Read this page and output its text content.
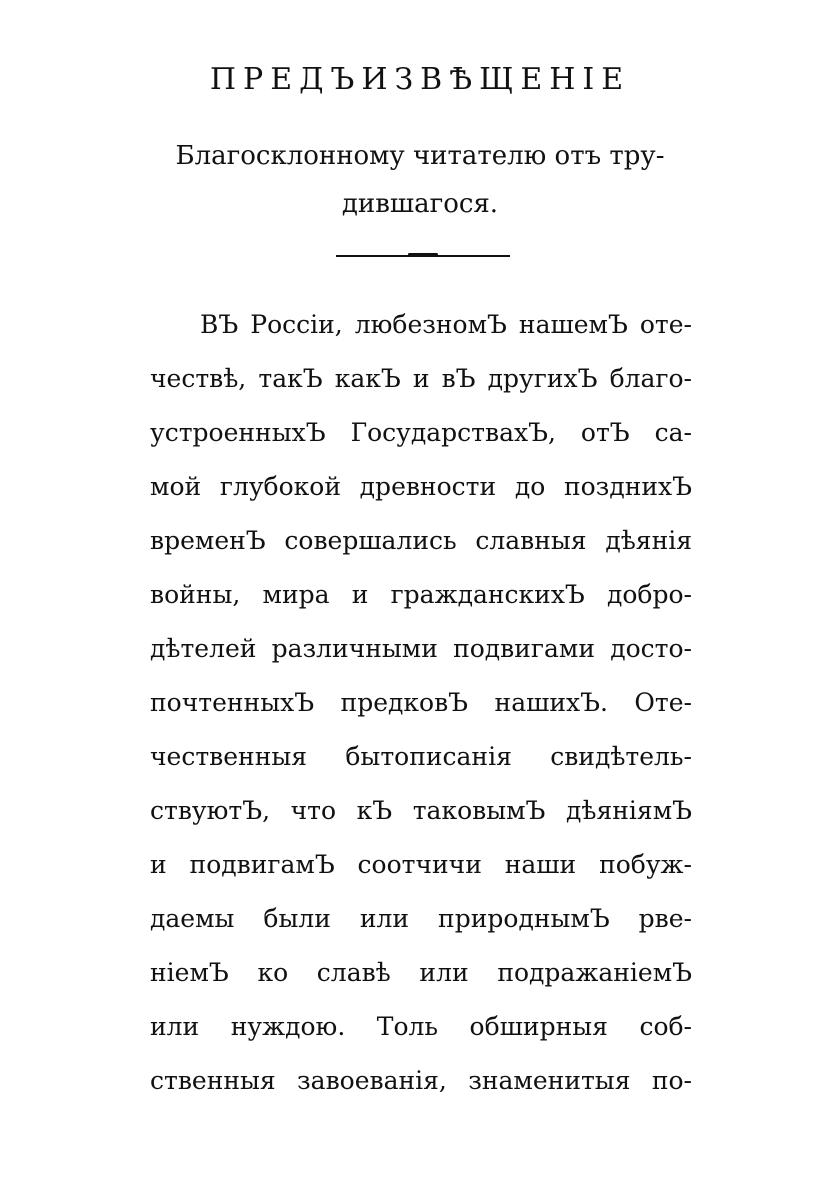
ПРЕДЪИЗВѢЩЕНІЕ
Благосклонному читателю отъ тру-
дившагося.
ВЪ Россіи, любезномЪ нашемЪ оте-
чествѣ, такЪ какЪ и вЪ другихЪ благо-
устроенныхЪ ГосударствахЪ, отЪ са-
мой глубокой древности до позднихЪ
временЪ совершались славныя дѣянія
войны, мира и гражданскихЪ добро-
дѣтелей различными подвигами досто-
почтенныхЪ предковЪ нашихЪ. Оте-
чественныя бытописанія свидѣтель-
ствуютЪ, что кЪ таковымЪ дѣяніямЪ
и подвигамЪ соотчичи наши побуж-
даемы были или природнымЪ рве-
ніемЪ ко славѣ или подражаніемЪ
или нуждою. Толь обширныя соб-
ственныя завоеванія, знаменитыя по-
